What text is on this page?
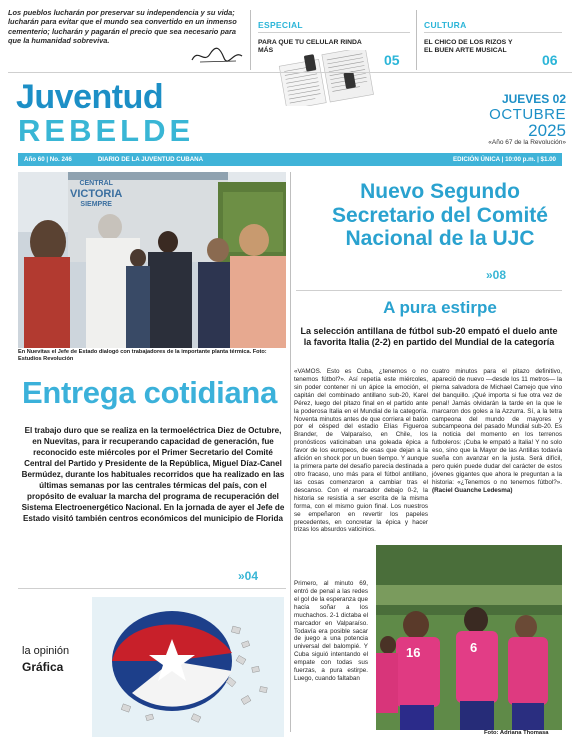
Los pueblos lucharán por preservar su independencia y su vida; lucharán para evitar que el mundo sea convertido en un inmenso cementerio; lucharán y pagarán el precio que sea necesario para que la humanidad sobreviva.
ESPECIAL
PARA QUE TU CELULAR RINDA MÁS
05
CULTURA
EL CHICO DE LOS RIZOS Y EL BUEN ARTE MUSICAL
06
Juventud
REBELDE
JUEVES 02
OCTUBRE
2025
«Año 67 de la Revolución»
Año 60 | No. 246	DIARIO DE LA JUVENTUD CUBANA	EDICIÓN ÚNICA | 10:00 p.m. | $1.00
CENTRAL
VICTORIA
SIEMPRE
En Nuevitas el Jefe de Estado dialogó con trabajadores de la importante planta térmica. Foto: Estudios Revolución
Nuevo Segundo Secretario del Comité Nacional de la UJC
»08
A pura estirpe
La selección antillana de fútbol sub-20 empató el duelo ante la favorita Italia (2-2) en partido del Mundial de la categoría
Entrega cotidiana
El trabajo duro que se realiza en la termoeléctrica Diez de Octubre, en Nuevitas, para ir recuperando capacidad de generación, fue reconocido este miércoles por el Primer Secretario del Comité Central del Partido y Presidente de la República, Miguel Díaz-Canel Bermúdez, durante los habituales recorridos que ha realizado en las últimas semanas por las centrales térmicas del país, con el propósito de evaluar la marcha del programa de recuperación del Sistema Electroenergético Nacional. En la jornada de ayer el Jefe de Estado visitó también centros económicos del municipio de Florida
»04
«VAMOS. Esto es Cuba, ¿tenemos o no tenemos fútbol?». Así repetía este miércoles, sin poder contener ni un ápice la emoción, el capitán del combinado antillano sub-20, Karel Pérez, luego del pitazo final en el partido ante la poderosa Italia en el Mundial de la categoría. Noventa minutos antes de que corriera el balón por el césped del estadio Elías Figueroa Brander, de Valparaíso, en Chile, los pronósticos vaticinaban una goleada épica a favor de los europeos, de esas que dejan a la afición en shock por un buen tiempo. Y aunque la primera parte del desafío parecía destinada a otro fracaso, uno más para el fútbol antillano, las cosas comenzaron a cambiar tras el descanso. Con el marcador debajo 0-2, la historia se resistía a ser escrita de la misma forma, con el mismo guion final. Los nuestros se empeñaron en revertir los papeles precedentes, en concretar la épica y hacer trizas los absurdos vaticinios.
cuatro minutos para el pitazo definitivo, apareció de nuevo —desde los 11 metros— la pierna salvadora de Michael Camejo que vino del banquillo. ¡Qué importa si fue otra vez de penal! Jamás olvidarán la tarde en la que le marcaron dos goles a la Azzurra. Sí, a la tetra campeona del mundo de mayores y subcampeona del pasado Mundial sub-20. Es la noticia del momento en los terrenos futboleros: ¡Cuba le empató a Italia! Y no solo eso, sino que la Mayor de las Antillas todavía sueña con avanzar en la justa. Será difícil, pero quién puede dudar del carácter de estos jóvenes gigantes que ahora le preguntan a la historia: «¿Tenemos o no tenemos fútbol?». (Raciel Guanche Ledesma)
Primero, al minuto 69, entró de penal a las redes el gol de la esperanza que hacía soñar a los muchachos. 2-1 dictaba el marcador en Valparaíso. Todavía era posible sacar de juego a una potencia universal del balompié. Y Cuba siguió intentando el empate con todas sus fuerzas, a pura estirpe. Luego, cuando faltaban
16	6
Foto: Adriana Thomasa
la opinión
Gráfica
